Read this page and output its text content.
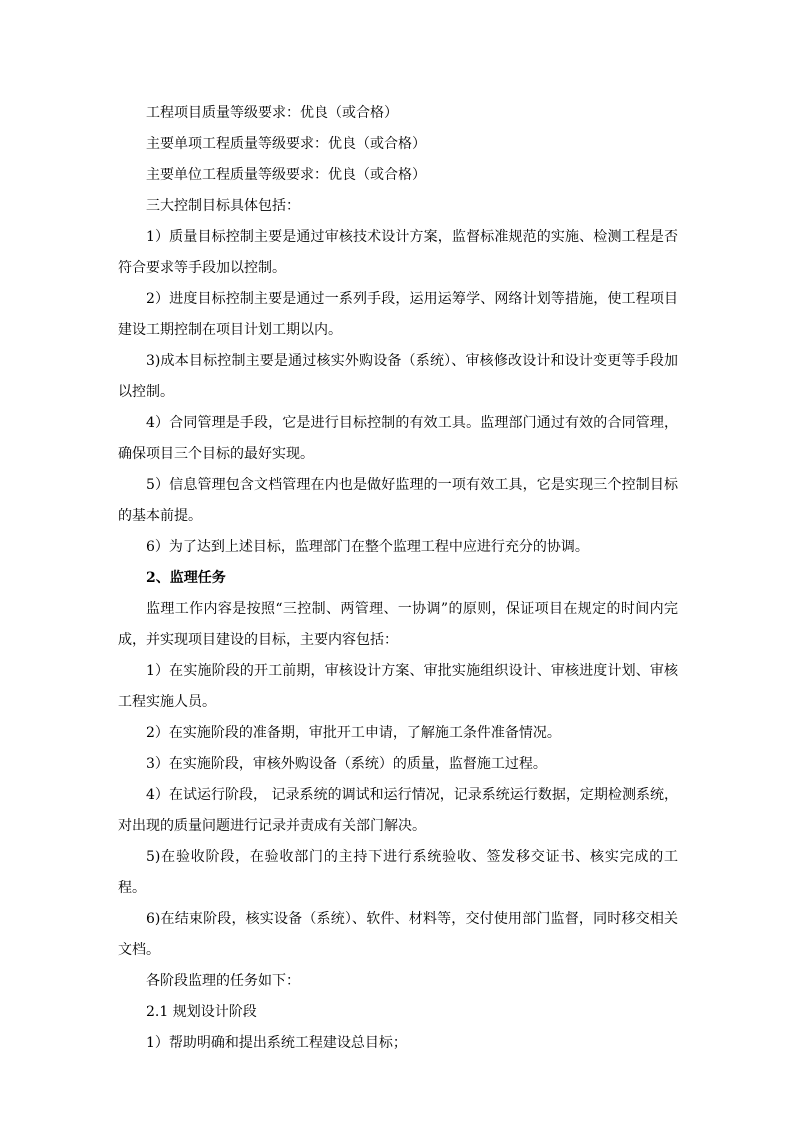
工程项目质量等级要求：优良（或合格）

主要单项工程质量等级要求：优良（或合格）

主要单位工程质量等级要求：优良（或合格）

三大控制目标具体包括：

1）质量目标控制主要是通过审核技术设计方案，监督标准规范的实施、检测工程是否符合要求等手段加以控制。

2）进度目标控制主要是通过一系列手段，运用运筹学、网络计划等措施，使工程项目建设工期控制在项目计划工期以内。

3)成本目标控制主要是通过核实外购设备（系统）、审核修改设计和设计变更等手段加以控制。

4）合同管理是手段，它是进行目标控制的有效工具。监理部门通过有效的合同管理，确保项目三个目标的最好实现。

5）信息管理包含文档管理在内也是做好监理的一项有效工具，它是实现三个控制目标的基本前提。

6）为了达到上述目标，监理部门在整个监理工程中应进行充分的协调。

2、监理任务

监理工作内容是按照“三控制、两管理、一协调”的原则，保证项目在规定的时间内完成，并实现项目建设的目标，主要内容包括：

1）在实施阶段的开工前期，审核设计方案、审批实施组织设计、审核进度计划、审核工程实施人员。

2）在实施阶段的准备期，审批开工申请，了解施工条件准备情况。

3）在实施阶段，审核外购设备（系统）的质量，监督施工过程。

4）在试运行阶段， 记录系统的调试和运行情况，记录系统运行数据，定期检测系统，对出现的质量问题进行记录并责成有关部门解决。

5)在验收阶段，在验收部门的主持下进行系统验收、签发移交证书、核实完成的工程。

6)在结束阶段，核实设备（系统）、软件、材料等，交付使用部门监督，同时移交相关文档。

各阶段监理的任务如下：

2.1 规划设计阶段

1）帮助明确和提出系统工程建设总目标；
